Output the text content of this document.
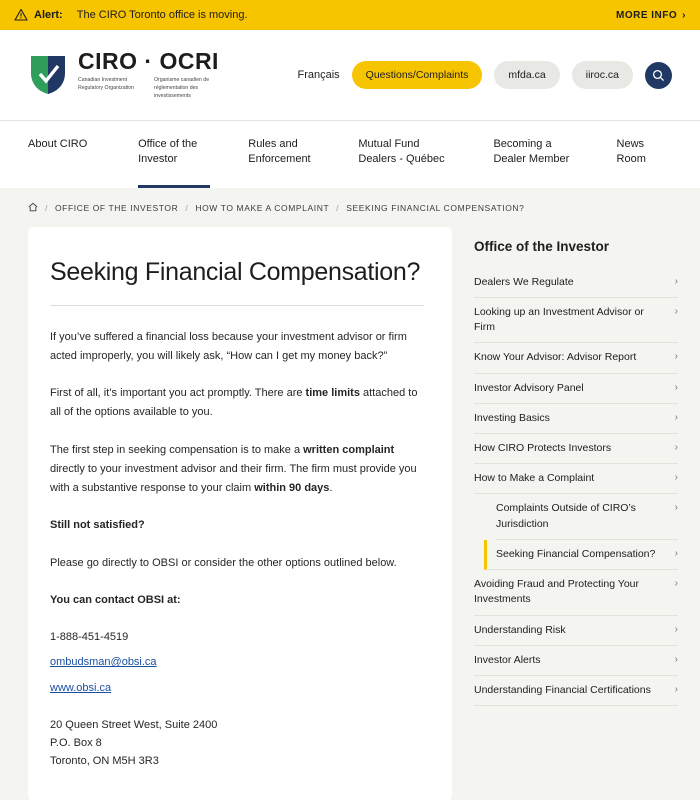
Alert: The CIRO Toronto office is moving.	MORE INFO ›
CIRO · OCRI
Canadian Investment Regulatory Organization
Organisme canadien de réglementation des investissements
Français	Questions/Complaints	mfda.ca	iiroc.ca
About CIRO	Office of the Investor
Rules and Enforcement
Mutual Fund Dealers - Québec
Becoming a Dealer Member
News Room
/ OFFICE OF THE INVESTOR / HOW TO MAKE A COMPLAINT / SEEKING FINANCIAL COMPENSATION?
Seeking Financial Compensation?

If you’ve suffered a financial loss because your investment advisor or firm acted improperly, you will likely ask, “How can I get my money back?”

First of all, it’s important you act promptly. There are time limits attached to all of the options available to you.

The first step in seeking compensation is to make a written complaint directly to your investment advisor and their firm. The firm must provide you with a substantive response to your claim within 90 days.

Still not satisfied?

Please go directly to OBSI or consider the other options outlined below.

You can contact OBSI at:

1-888-451-4519

ombudsman@obsi.ca

www.obsi.ca

20 Queen Street West, Suite 2400
P.O. Box 8
Toronto, ON M5H 3R3
Office of the Investor
Dealers We Regulate	›
Looking up an Investment Advisor or Firm
›
Know Your Advisor: Advisor Report	›
Investor Advisory Panel	›
Investing Basics	›
How CIRO Protects Investors	›
How to Make a Complaint	›
Complaints Outside of CIRO’s Jurisdiction
›
Seeking Financial Compensation? ›
Avoiding Fraud and Protecting Your Investments
›
Understanding Risk	›
Investor Alerts	›
Understanding Financial Certifications ›
